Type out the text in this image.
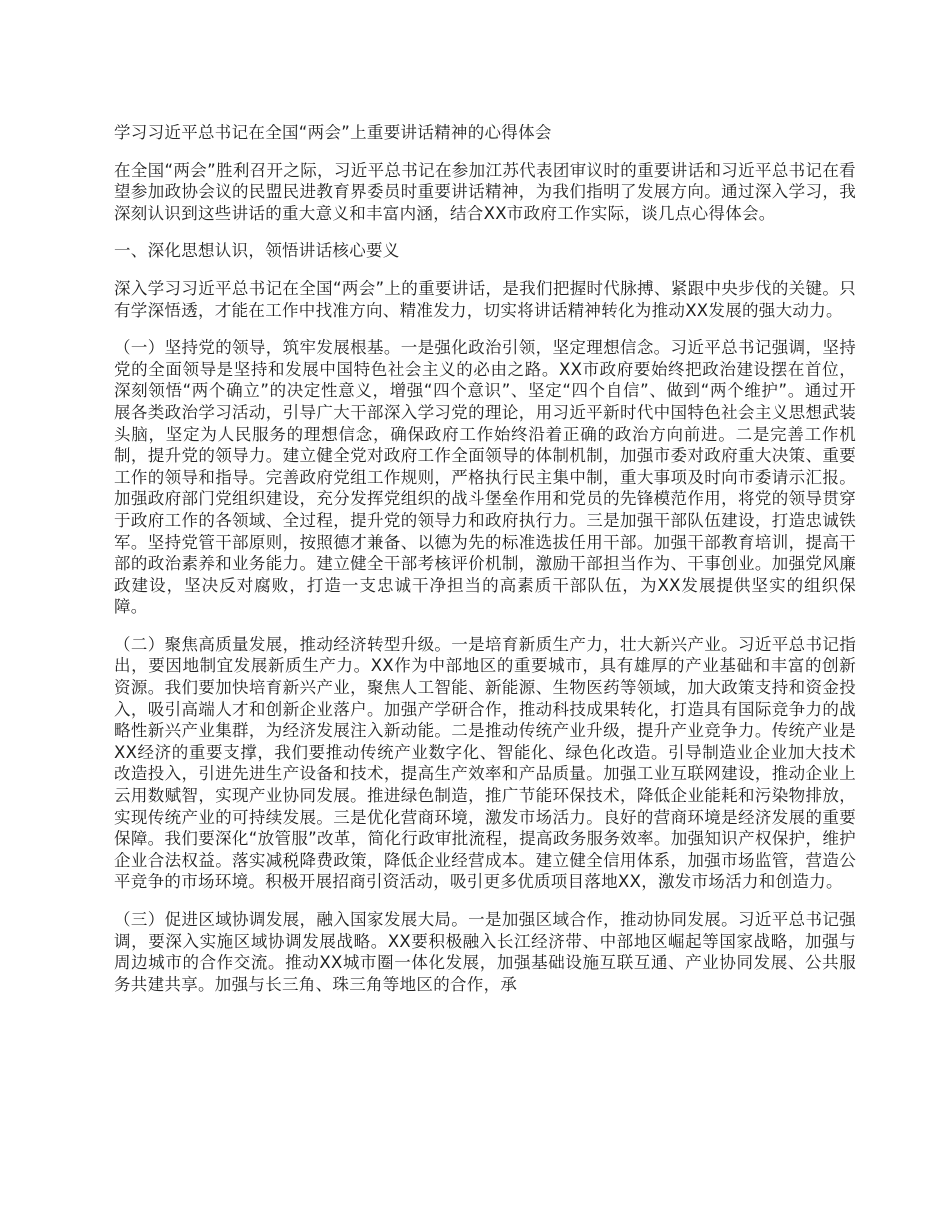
学习习近平总书记在全国“两会”上重要讲话精神的心得体会

在全国“两会”胜利召开之际，习近平总书记在参加江苏代表团审议时的重要讲话和习近平总书记在看望参加政协会议的民盟民进教育界委员时重要讲话精神，为我们指明了发展方向。通过深入学习，我深刻认识到这些讲话的重大意义和丰富内涵，结合XX市政府工作实际，谈几点心得体会。

一、深化思想认识，领悟讲话核心要义

深入学习习近平总书记在全国“两会”上的重要讲话，是我们把握时代脉搏、紧跟中央步伐的关键。只有学深悟透，才能在工作中找准方向、精准发力，切实将讲话精神转化为推动XX发展的强大动力。

（一）坚持党的领导，筑牢发展根基。一是强化政治引领，坚定理想信念。习近平总书记强调，坚持党的全面领导是坚持和发展中国特色社会主义的必由之路。XX市政府要始终把政治建设摆在首位，深刻领悟“两个确立”的决定性意义，增强“四个意识”、坚定“四个自信”、做到“两个维护”。通过开展各类政治学习活动，引导广大干部深入学习党的理论，用习近平新时代中国特色社会主义思想武装头脑，坚定为人民服务的理想信念，确保政府工作始终沿着正确的政治方向前进。二是完善工作机制，提升党的领导力。建立健全党对政府工作全面领导的体制机制，加强市委对政府重大决策、重要工作的领导和指导。完善政府党组工作规则，严格执行民主集中制，重大事项及时向市委请示汇报。加强政府部门党组织建设，充分发挥党组织的战斗堡垒作用和党员的先锋模范作用，将党的领导贯穿于政府工作的各领域、全过程，提升党的领导力和政府执行力。三是加强干部队伍建设，打造忠诚铁军。坚持党管干部原则，按照德才兼备、以德为先的标准选拔任用干部。加强干部教育培训，提高干部的政治素养和业务能力。建立健全干部考核评价机制，激励干部担当作为、干事创业。加强党风廉政建设，坚决反对腐败，打造一支忠诚干净担当的高素质干部队伍，为XX发展提供坚实的组织保障。

（二）聚焦高质量发展，推动经济转型升级。一是培育新质生产力，壮大新兴产业。习近平总书记指出，要因地制宜发展新质生产力。XX作为中部地区的重要城市，具有雄厚的产业基础和丰富的创新资源。我们要加快培育新兴产业，聚焦人工智能、新能源、生物医药等领域，加大政策支持和资金投入，吸引高端人才和创新企业落户。加强产学研合作，推动科技成果转化，打造具有国际竞争力的战略性新兴产业集群，为经济发展注入新动能。二是推动传统产业升级，提升产业竞争力。传统产业是XX经济的重要支撑，我们要推动传统产业数字化、智能化、绿色化改造。引导制造业企业加大技术改造投入，引进先进生产设备和技术，提高生产效率和产品质量。加强工业互联网建设，推动企业上云用数赋智，实现产业协同发展。推进绿色制造，推广节能环保技术，降低企业能耗和污染物排放，实现传统产业的可持续发展。三是优化营商环境，激发市场活力。良好的营商环境是经济发展的重要保障。我们要深化“放管服”改革，简化行政审批流程，提高政务服务效率。加强知识产权保护，维护企业合法权益。落实减税降费政策，降低企业经营成本。建立健全信用体系，加强市场监管，营造公平竞争的市场环境。积极开展招商引资活动，吸引更多优质项目落地XX，激发市场活力和创造力。

（三）促进区域协调发展，融入国家发展大局。一是加强区域合作，推动协同发展。习近平总书记强调，要深入实施区域协调发展战略。XX要积极融入长江经济带、中部地区崛起等国家战略，加强与周边城市的合作交流。推动XX城市圈一体化发展，加强基础设施互联互通、产业协同发展、公共服务共建共享。加强与长三角、珠三角等地区的合作，承
